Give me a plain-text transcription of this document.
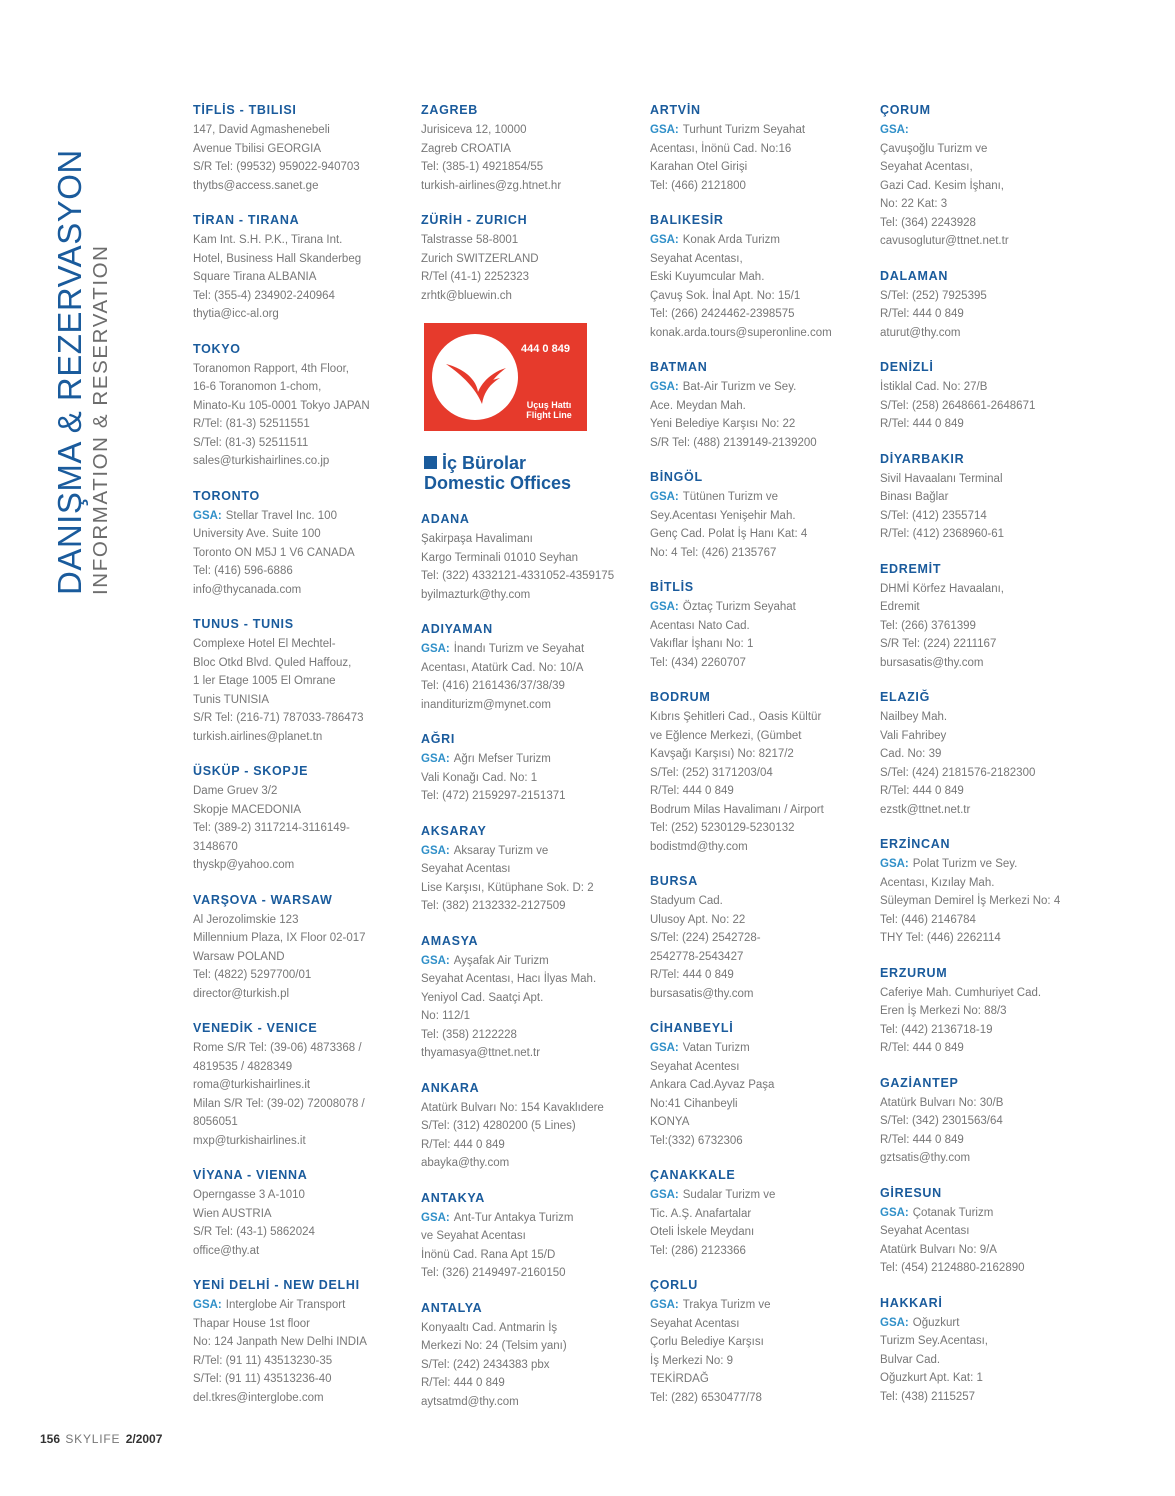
DANIŞMA & REZERVASYON INFORMATION & RESERVATION
TİFLİS - TBILISI
147, David Agmashenebeli
Avenue Tbilisi GEORGIA
S/R Tel: (99532) 959022-940703
thytbs@access.sanet.ge
TİRAN - TIRANA
Kam Int. S.H. P.K., Tirana Int.
Hotel, Business Hall Skanderbeg
Square Tirana ALBANIA
Tel: (355-4) 234902-240964
thytia@icc-al.org
TOKYO
Toranomon Rapport, 4th Floor,
16-6 Toranomon 1-chom,
Minato-Ku 105-0001 Tokyo JAPAN
R/Tel: (81-3) 52511551
S/Tel: (81-3) 52511511
sales@turkishairlines.co.jp
TORONTO
GSA: Stellar Travel Inc. 100
University Ave. Suite 100
Toronto ON M5J 1 V6 CANADA
Tel: (416) 596-6886
info@thycanada.com
TUNUS - TUNIS
Complexe Hotel El Mechtel-
Bloc Otkd Blvd. Quled Haffouz,
1 ler Etage 1005 El Omrane
Tunis TUNISIA
S/R Tel: (216-71) 787033-786473
turkish.airlines@planet.tn
ÜSKÜP - SKOPJE
Dame Gruev 3/2
Skopje MACEDONIA
Tel: (389-2) 3117214-3116149-
3148670
thyskp@yahoo.com
VARŞOVA - WARSAW
Al Jerozolimskie 123
Millennium Plaza, IX Floor 02-017
Warsaw POLAND
Tel: (4822) 5297700/01
director@turkish.pl
VENEDİK - VENICE
Rome S/R Tel: (39-06) 4873368 /
4819535 / 4828349
roma@turkishairlines.it
Milan S/R Tel: (39-02) 72008078 /
8056051
mxp@turkishairlines.it
VİYANA - VIENNA
Operngasse 3 A-1010
Wien AUSTRIA
S/R Tel: (43-1) 5862024
office@thy.at
YENİ DELHİ - NEW DELHI
GSA: Interglobe Air Transport
Thapar House 1st floor
No: 124 Janpath New Delhi INDIA
R/Tel: (91 11) 43513230-35
S/Tel: (91 11) 43513236-40
del.tkres@interglobe.com
ZAGREB
Jurisiceva 12, 10000
Zagreb CROATIA
Tel: (385-1) 4921854/55
turkish-airlines@zg.htnet.hr
ZÜRİH - ZURICH
Talstrasse 58-8001
Zurich SWITZERLAND
R/Tel (41-1) 2252323
zrhtk@bluewin.ch
444 0 849
Uçuş Hattı
Flight Line
İç Bürolar
Domestic Offices
ADANA
Şakirpaşa Havalimanı
Kargo Terminali 01010 Seyhan
Tel: (322) 4332121-4331052-4359175
byilmazturk@thy.com
ADIYAMAN
GSA: İnandı Turizm ve Seyahat
Acentası, Atatürk Cad. No: 10/A
Tel: (416) 2161436/37/38/39
inanditurizm@mynet.com
AĞRI
GSA: Ağrı Mefser Turizm
Vali Konağı Cad. No: 1
Tel: (472) 2159297-2151371
AKSARAY
GSA: Aksaray Turizm ve
Seyahat Acentası
Lise Karşısı, Kütüphane Sok. D: 2
Tel: (382) 2132332-2127509
AMASYA
GSA: Ayşafak Air Turizm
Seyahat Acentası, Hacı İlyas Mah.
Yeniyol Cad. Saatçi Apt.
No: 112/1
Tel: (358) 2122228
thyamasya@ttnet.net.tr
ANKARA
Atatürk Bulvarı No: 154 Kavaklıdere
S/Tel: (312) 4280200 (5 Lines)
R/Tel: 444 0 849
abayka@thy.com
ANTAKYA
GSA: Ant-Tur Antakya Turizm
ve Seyahat Acentası
İnönü Cad. Rana Apt 15/D
Tel: (326) 2149497-2160150
ANTALYA
Konyaaltı Cad. Antmarin İş
Merkezi No: 24 (Telsim yanı)
S/Tel: (242) 2434383 pbx
R/Tel: 444 0 849
aytsatmd@thy.com
ARTVİN
GSA: Turhunt Turizm Seyahat
Acentası, İnönü Cad. No:16
Karahan Otel Girişi
Tel: (466) 2121800
BALIKESİR
GSA: Konak Arda Turizm
Seyahat Acentası,
Eski Kuyumcular Mah.
Çavuş Sok. İnal Apt. No: 15/1
Tel: (266) 2424462-2398575
konak.arda.tours@superonline.com
BATMAN
GSA: Bat-Air Turizm ve Sey.
Ace. Meydan Mah.
Yeni Belediye Karşısı No: 22
S/R Tel: (488) 2139149-2139200
BİNGÖL
GSA: Tütünen Turizm ve
Sey.Acentası Yenişehir Mah.
Genç Cad. Polat İş Hanı Kat: 4
No: 4 Tel: (426) 2135767
BİTLİS
GSA: Öztaç Turizm Seyahat
Acentası Nato Cad.
Vakıflar İşhanı No: 1
Tel: (434) 2260707
BODRUM
Kıbrıs Şehitleri Cad., Oasis Kültür
ve Eğlence Merkezi, (Gümbet
Kavşağı Karşısı) No: 8217/2
S/Tel: (252) 3171203/04
R/Tel: 444 0 849
Bodrum Milas Havalimanı / Airport
Tel: (252) 5230129-5230132
bodistmd@thy.com
BURSA
Stadyum Cad.
Ulusoy Apt. No: 22
S/Tel: (224) 2542728-
2542778-2543427
R/Tel: 444 0 849
bursasatis@thy.com
CİHANBEYLİ
GSA: Vatan Turizm
Seyahat Acentesı
Ankara Cad.Ayvaz Paşa
No:41 Cihanbeyli
KONYA
Tel:(332) 6732306
ÇANAKKALE
GSA: Sudalar Turizm ve
Tic. A.Ş. Anafartalar
Oteli İskele Meydanı
Tel: (286) 2123366
ÇORLU
GSA: Trakya Turizm ve
Seyahat Acentası
Çorlu Belediye Karşısı
İş Merkezi No: 9
TEKİRDAĞ
Tel: (282) 6530477/78
ÇORUM
GSA:
Çavuşoğlu Turizm ve
Seyahat Acentası,
Gazi Cad. Kesim İşhanı,
No: 22 Kat: 3
Tel: (364) 2243928
cavusoglutur@ttnet.net.tr
DALAMAN
S/Tel: (252) 7925395
R/Tel: 444 0 849
aturut@thy.com
DENİZLİ
İstiklal Cad. No: 27/B
S/Tel: (258) 2648661-2648671
R/Tel: 444 0 849
DİYARBAKIR
Sivil Havaalanı Terminal
Binası Bağlar
S/Tel: (412) 2355714
R/Tel: (412) 2368960-61
EDREMİT
DHMİ Körfez Havaalanı,
Edremit
Tel: (266) 3761399
S/R Tel: (224) 2211167
bursasatis@thy.com
ELAZIĞ
Nailbey Mah.
Vali Fahribey
Cad. No: 39
S/Tel: (424) 2181576-2182300
R/Tel: 444 0 849
ezstk@ttnet.net.tr
ERZİNCAN
GSA: Polat Turizm ve Sey.
Acentası, Kızılay Mah.
Süleyman Demirel İş Merkezi No: 4
Tel: (446) 2146784
THY Tel: (446) 2262114
ERZURUM
Caferiye Mah. Cumhuriyet Cad.
Eren İş Merkezi No: 88/3
Tel: (442) 2136718-19
R/Tel: 444 0 849
GAZİANTEP
Atatürk Bulvarı No: 30/B
S/Tel: (342) 2301563/64
R/Tel: 444 0 849
gztsatis@thy.com
GİRESUN
GSA: Çotanak Turizm
Seyahat Acentası
Atatürk Bulvarı No: 9/A
Tel: (454) 2124880-2162890
HAKKARİ
GSA: Oğuzkurt
Turizm Sey.Acentası,
Bulvar Cad.
Oğuzkurt Apt. Kat: 1
Tel: (438) 2115257
156 SKYLIFE 2/2007
